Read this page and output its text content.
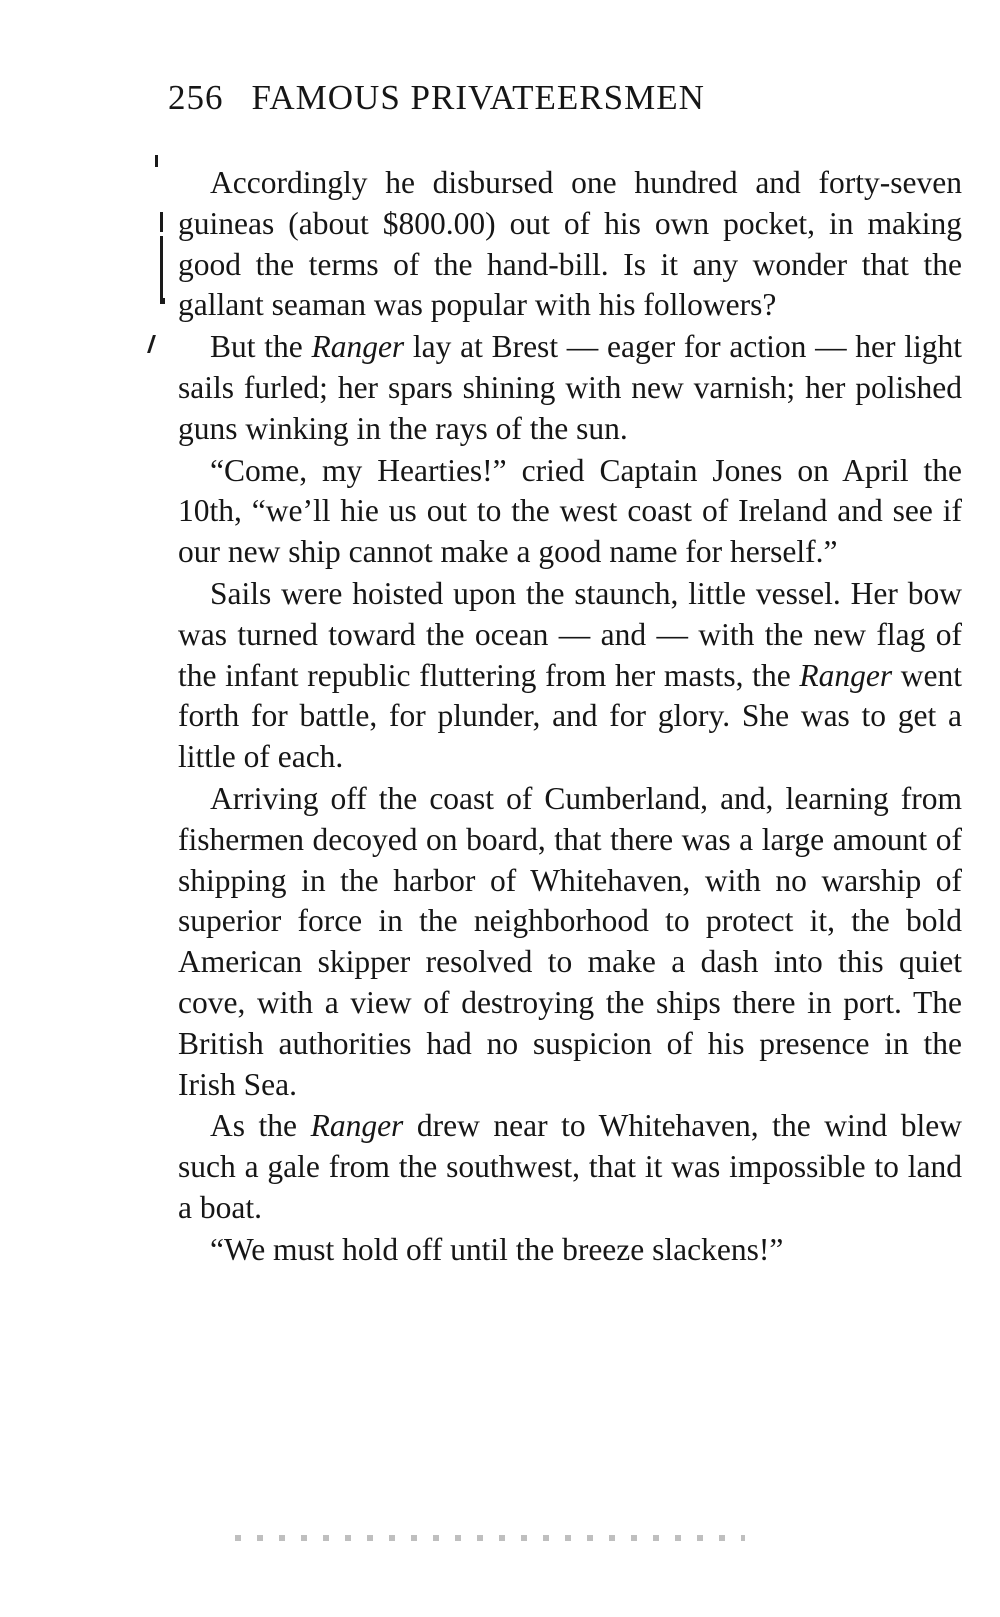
256 FAMOUS PRIVATEERSMEN

Accordingly he disbursed one hundred and forty-seven guineas (about $800.00) out of his own pocket, in making good the terms of the hand-bill. Is it any wonder that the gallant seaman was popular with his followers?

But the Ranger lay at Brest — eager for action — her light sails furled; her spars shining with new varnish; her polished guns winking in the rays of the sun.

“Come, my Hearties!” cried Captain Jones on April the 10th, “we’ll hie us out to the west coast of Ireland and see if our new ship cannot make a good name for herself.”

Sails were hoisted upon the staunch, little vessel. Her bow was turned toward the ocean — and — with the new flag of the infant republic fluttering from her masts, the Ranger went forth for battle, for plunder, and for glory. She was to get a little of each.

Arriving off the coast of Cumberland, and, learning from fishermen decoyed on board, that there was a large amount of shipping in the harbor of Whitehaven, with no warship of superior force in the neighborhood to protect it, the bold American skipper resolved to make a dash into this quiet cove, with a view of destroying the ships there in port. The British authorities had no suspicion of his presence in the Irish Sea.

As the Ranger drew near to Whitehaven, the wind blew such a gale from the southwest, that it was impossible to land a boat.

“We must hold off until the breeze slackens!”
